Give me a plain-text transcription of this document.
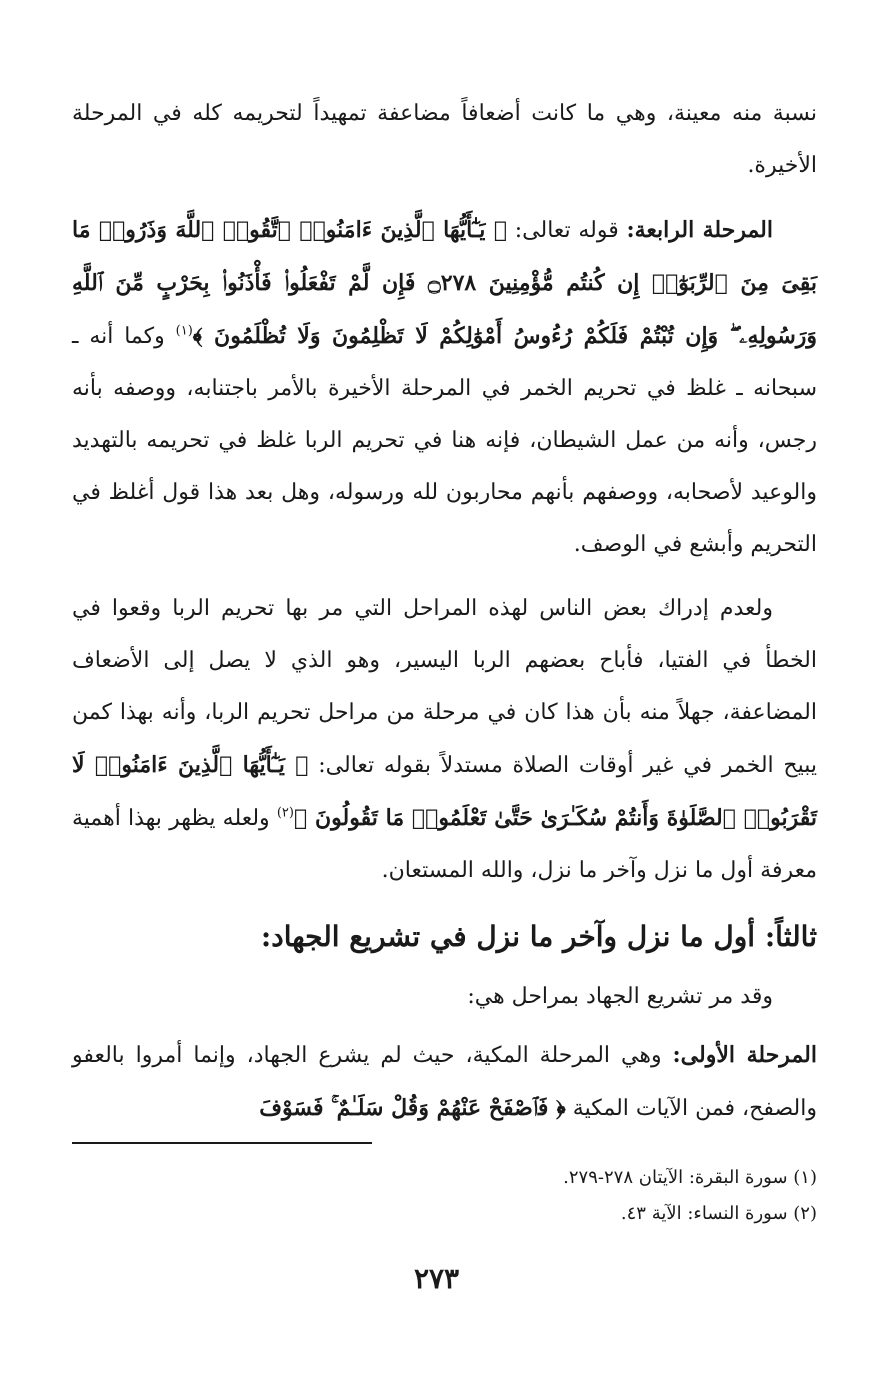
نسبة منه معينة، وهي ما كانت أضعافاً مضاعفة تمهيداً لتحريمه كله في المرحلة الأخيرة.

المرحلة الرابعة: قوله تعالى: ﴿ يَـٰٓأَيُّهَا ٱلَّذِينَ ءَامَنُوا۟ ٱتَّقُوا۟ ٱللَّهَ وَذَرُوا۟ مَا بَقِىَ مِنَ ٱلرِّبَوٰٓا۟ إِن كُنتُم مُّؤْمِنِينَ ۝٢٧٨ فَإِن لَّمْ تَفْعَلُوا۟ فَأْذَنُوا۟ بِحَرْبٍ مِّنَ ٱللَّهِ وَرَسُولِهِۦ ۖ وَإِن تُبْتُمْ فَلَكُمْ رُءُوسُ أَمْوَٰلِكُمْ لَا تَظْلِمُونَ وَلَا تُظْلَمُونَ ﴾$^{(١)}$ وكما أنه ـ سبحانه ـ غلظ في تحريم الخمر في المرحلة الأخيرة بالأمر باجتنابه، ووصفه بأنه رجس، وأنه من عمل الشيطان، فإنه هنا في تحريم الربا غلظ في تحريمه بالتهديد والوعيد لأصحابه، ووصفهم بأنهم محاربون لله ورسوله، وهل بعد هذا قول أغلظ في التحريم وأبشع في الوصف.

ولعدم إدراك بعض الناس لهذه المراحل التي مر بها تحريم الربا وقعوا في الخطأ في الفتيا، فأباح بعضهم الربا اليسير، وهو الذي لا يصل إلى الأضعاف المضاعفة، جهلاً منه بأن هذا كان في مرحلة من مراحل تحريم الربا، وأنه بهذا كمن يبيح الخمر في غير أوقات الصلاة مستدلاً بقوله تعالى: ﴿ يَـٰٓأَيُّهَا ٱلَّذِينَ ءَامَنُوا۟ لَا تَقْرَبُوا۟ ٱلصَّلَوٰةَ وَأَنتُمْ سُكَـٰرَىٰ حَتَّىٰ تَعْلَمُوا۟ مَا تَقُولُونَ ﴾$^{(٢)}$ ولعله يظهر بهذا أهمية معرفة أول ما نزل وآخر ما نزل، والله المستعان.

ثالثاً: أول ما نزل وآخر ما نزل في تشريع الجهاد:

وقد مر تشريع الجهاد بمراحل هي:

المرحلة الأولى: وهي المرحلة المكية، حيث لم يشرع الجهاد، وإنما أمروا بالعفو والصفح، فمن الآيات المكية ﴿ فَٱصْفَحْ عَنْهُمْ وَقُلْ سَلَـٰمٌ ۚ فَسَوْفَ

(١) سورة البقرة: الآيتان ٢٧٨-٢٧٩.

(٢) سورة النساء: الآية ٤٣.

٢٧٣
